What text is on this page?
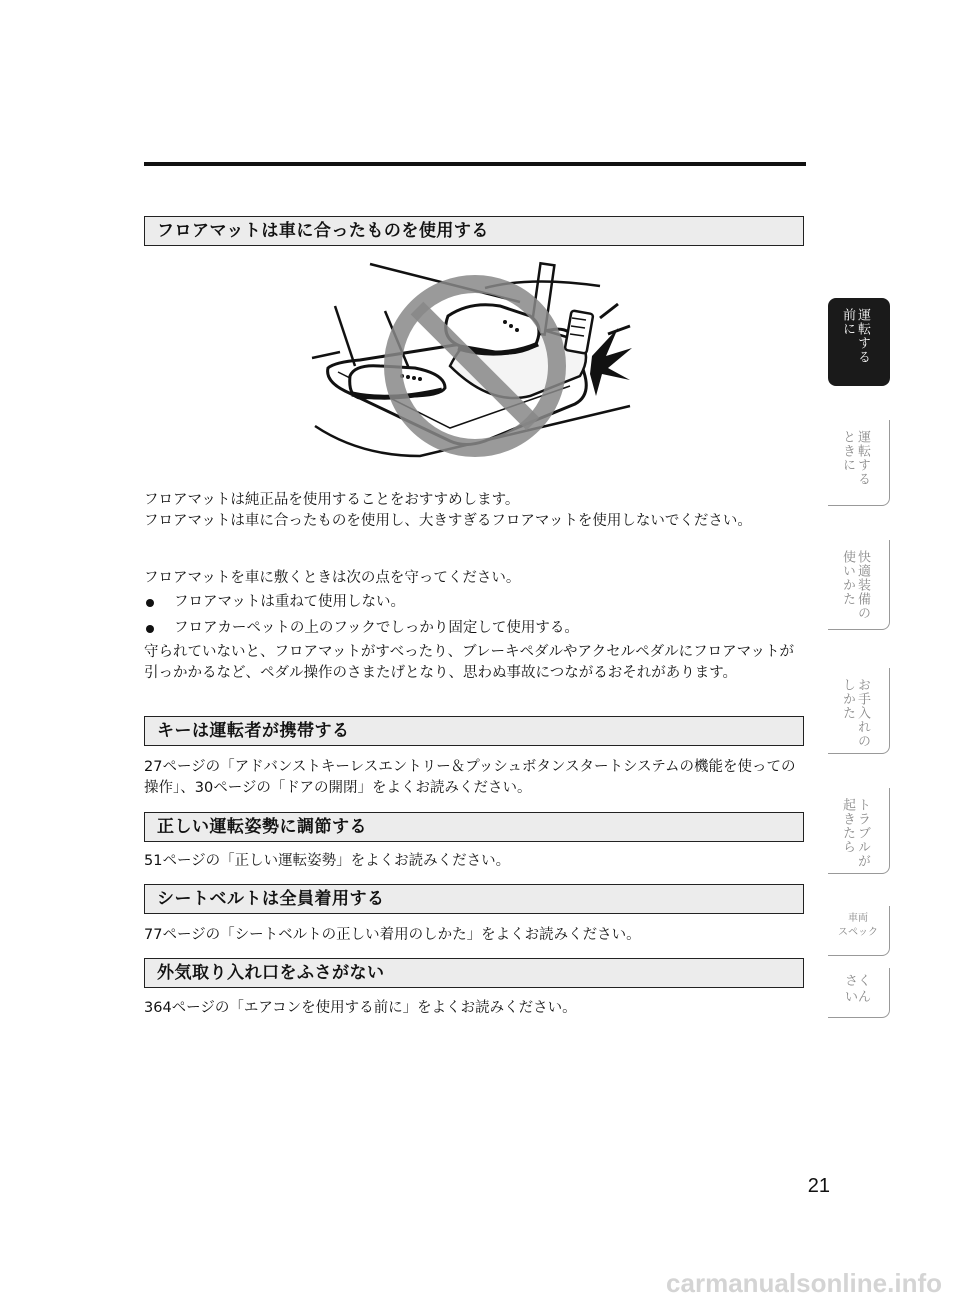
フロアマットは車に合ったものを使用する

フロアマットは純正品を使用することをおすすめします。

フロアマットは車に合ったものを使用し、大きすぎるフロアマットを使用しないでください。

フロアマットを車に敷くときは次の点を守ってください。

フロアマットは重ねて使用しない。
フロアカーペットの上のフックでしっかり固定して使用する。

守られていないと、フロアマットがすべったり、ブレーキペダルやアクセルペダルにフロアマットが引っかかるなど、ペダル操作のさまたげとなり、思わぬ事故につながるおそれがあります。

キーは運転者が携帯する

27ページの「アドバンストキーレスエントリー＆プッシュボタンスタートシステムの機能を使っての操作」、30ページの「ドアの開閉」をよくお読みください。

正しい運転姿勢に調節する

51ページの「正しい運転姿勢」をよくお読みください。

シートベルトは全員着用する

77ページの「シートベルトの正しい着用のしかた」をよくお読みください。

外気取り入れ口をふさがない

364ページの「エアコンを使用する前に」をよくお読みください。

運転する
前に
運転する
ときに
快適装備の
使いかた
お手入れの
しかた
トラブルが
起きたら
車両
スペック
さく
いん
21
carmanualsonline.info
